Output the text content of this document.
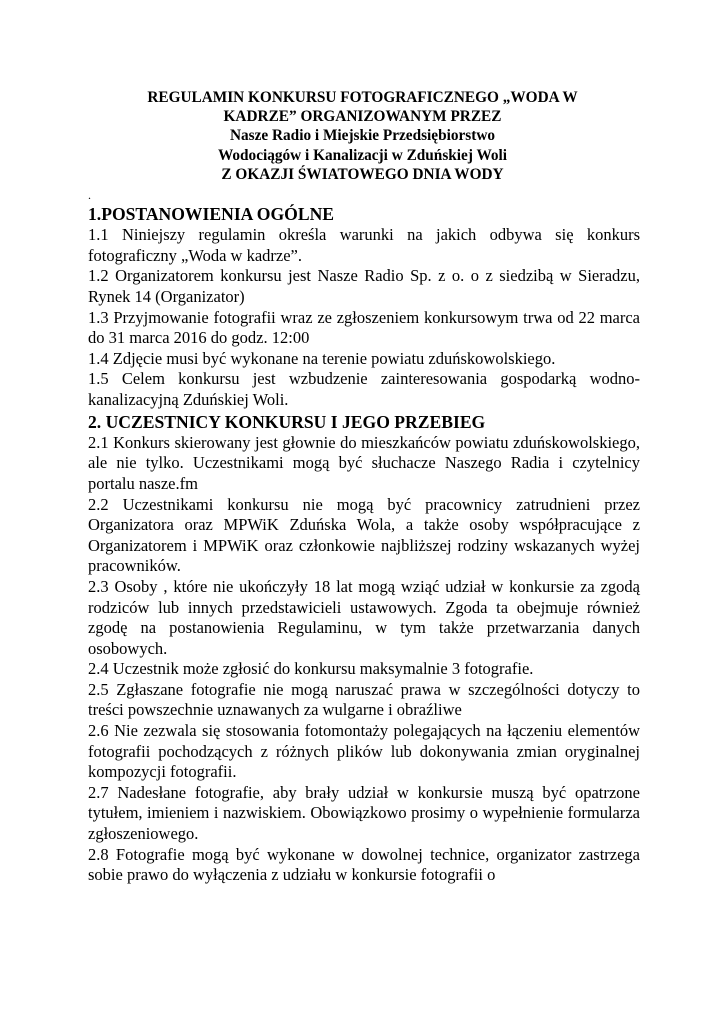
REGULAMIN KONKURSU FOTOGRAFICZNEGO „WODA W
KADRZE” ORGANIZOWANYM PRZEZ
Nasze Radio i Miejskie Przedsiębiorstwo
Wodociągów i Kanalizacji w Zduńskiej Woli
Z OKAZJI ŚWIATOWEGO DNIA WODY
.
1.POSTANOWIENIA OGÓLNE
1.1 Niniejszy regulamin określa warunki na jakich odbywa się konkurs fotograficzny „Woda w kadrze”.
1.2 Organizatorem konkursu jest Nasze Radio Sp. z o. o z siedzibą w Sieradzu, Rynek 14 (Organizator)
1.3 Przyjmowanie fotografii wraz ze zgłoszeniem konkursowym trwa od 22 marca do 31 marca 2016 do godz. 12:00
1.4 Zdjęcie musi być wykonane na terenie powiatu zduńskowolskiego.
1.5 Celem konkursu jest wzbudzenie zainteresowania gospodarką wodno-kanalizacyjną Zduńskiej Woli.
2. UCZESTNICY KONKURSU I JEGO PRZEBIEG
2.1 Konkurs skierowany jest głownie do mieszkańców powiatu zduńskowolskiego, ale nie tylko. Uczestnikami mogą być słuchacze Naszego Radia i czytelnicy portalu nasze.fm
2.2 Uczestnikami konkursu nie mogą być pracownicy zatrudnieni przez Organizatora oraz MPWiK Zduńska Wola, a także osoby współpracujące z Organizatorem i MPWiK oraz członkowie najbliższej rodziny wskazanych wyżej pracowników.
2.3 Osoby , które nie ukończyły 18 lat mogą wziąć udział w konkursie za zgodą rodziców lub innych przedstawicieli ustawowych. Zgoda ta obejmuje również zgodę na postanowienia Regulaminu, w tym także przetwarzania danych osobowych.
2.4 Uczestnik może zgłosić do konkursu maksymalnie 3 fotografie.
2.5 Zgłaszane fotografie nie mogą naruszać prawa w szczególności dotyczy to treści powszechnie uznawanych za wulgarne i obraźliwe
2.6 Nie zezwala się stosowania fotomontaży polegających na łączeniu elementów fotografii pochodzących z różnych plików lub dokonywania zmian oryginalnej kompozycji fotografii.
2.7 Nadesłane fotografie, aby brały udział w konkursie muszą być opatrzone tytułem, imieniem i nazwiskiem. Obowiązkowo prosimy o wypełnienie formularza zgłoszeniowego.
2.8 Fotografie mogą być wykonane w dowolnej technice, organizator zastrzega sobie prawo do wyłączenia z udziału w konkursie fotografii o
